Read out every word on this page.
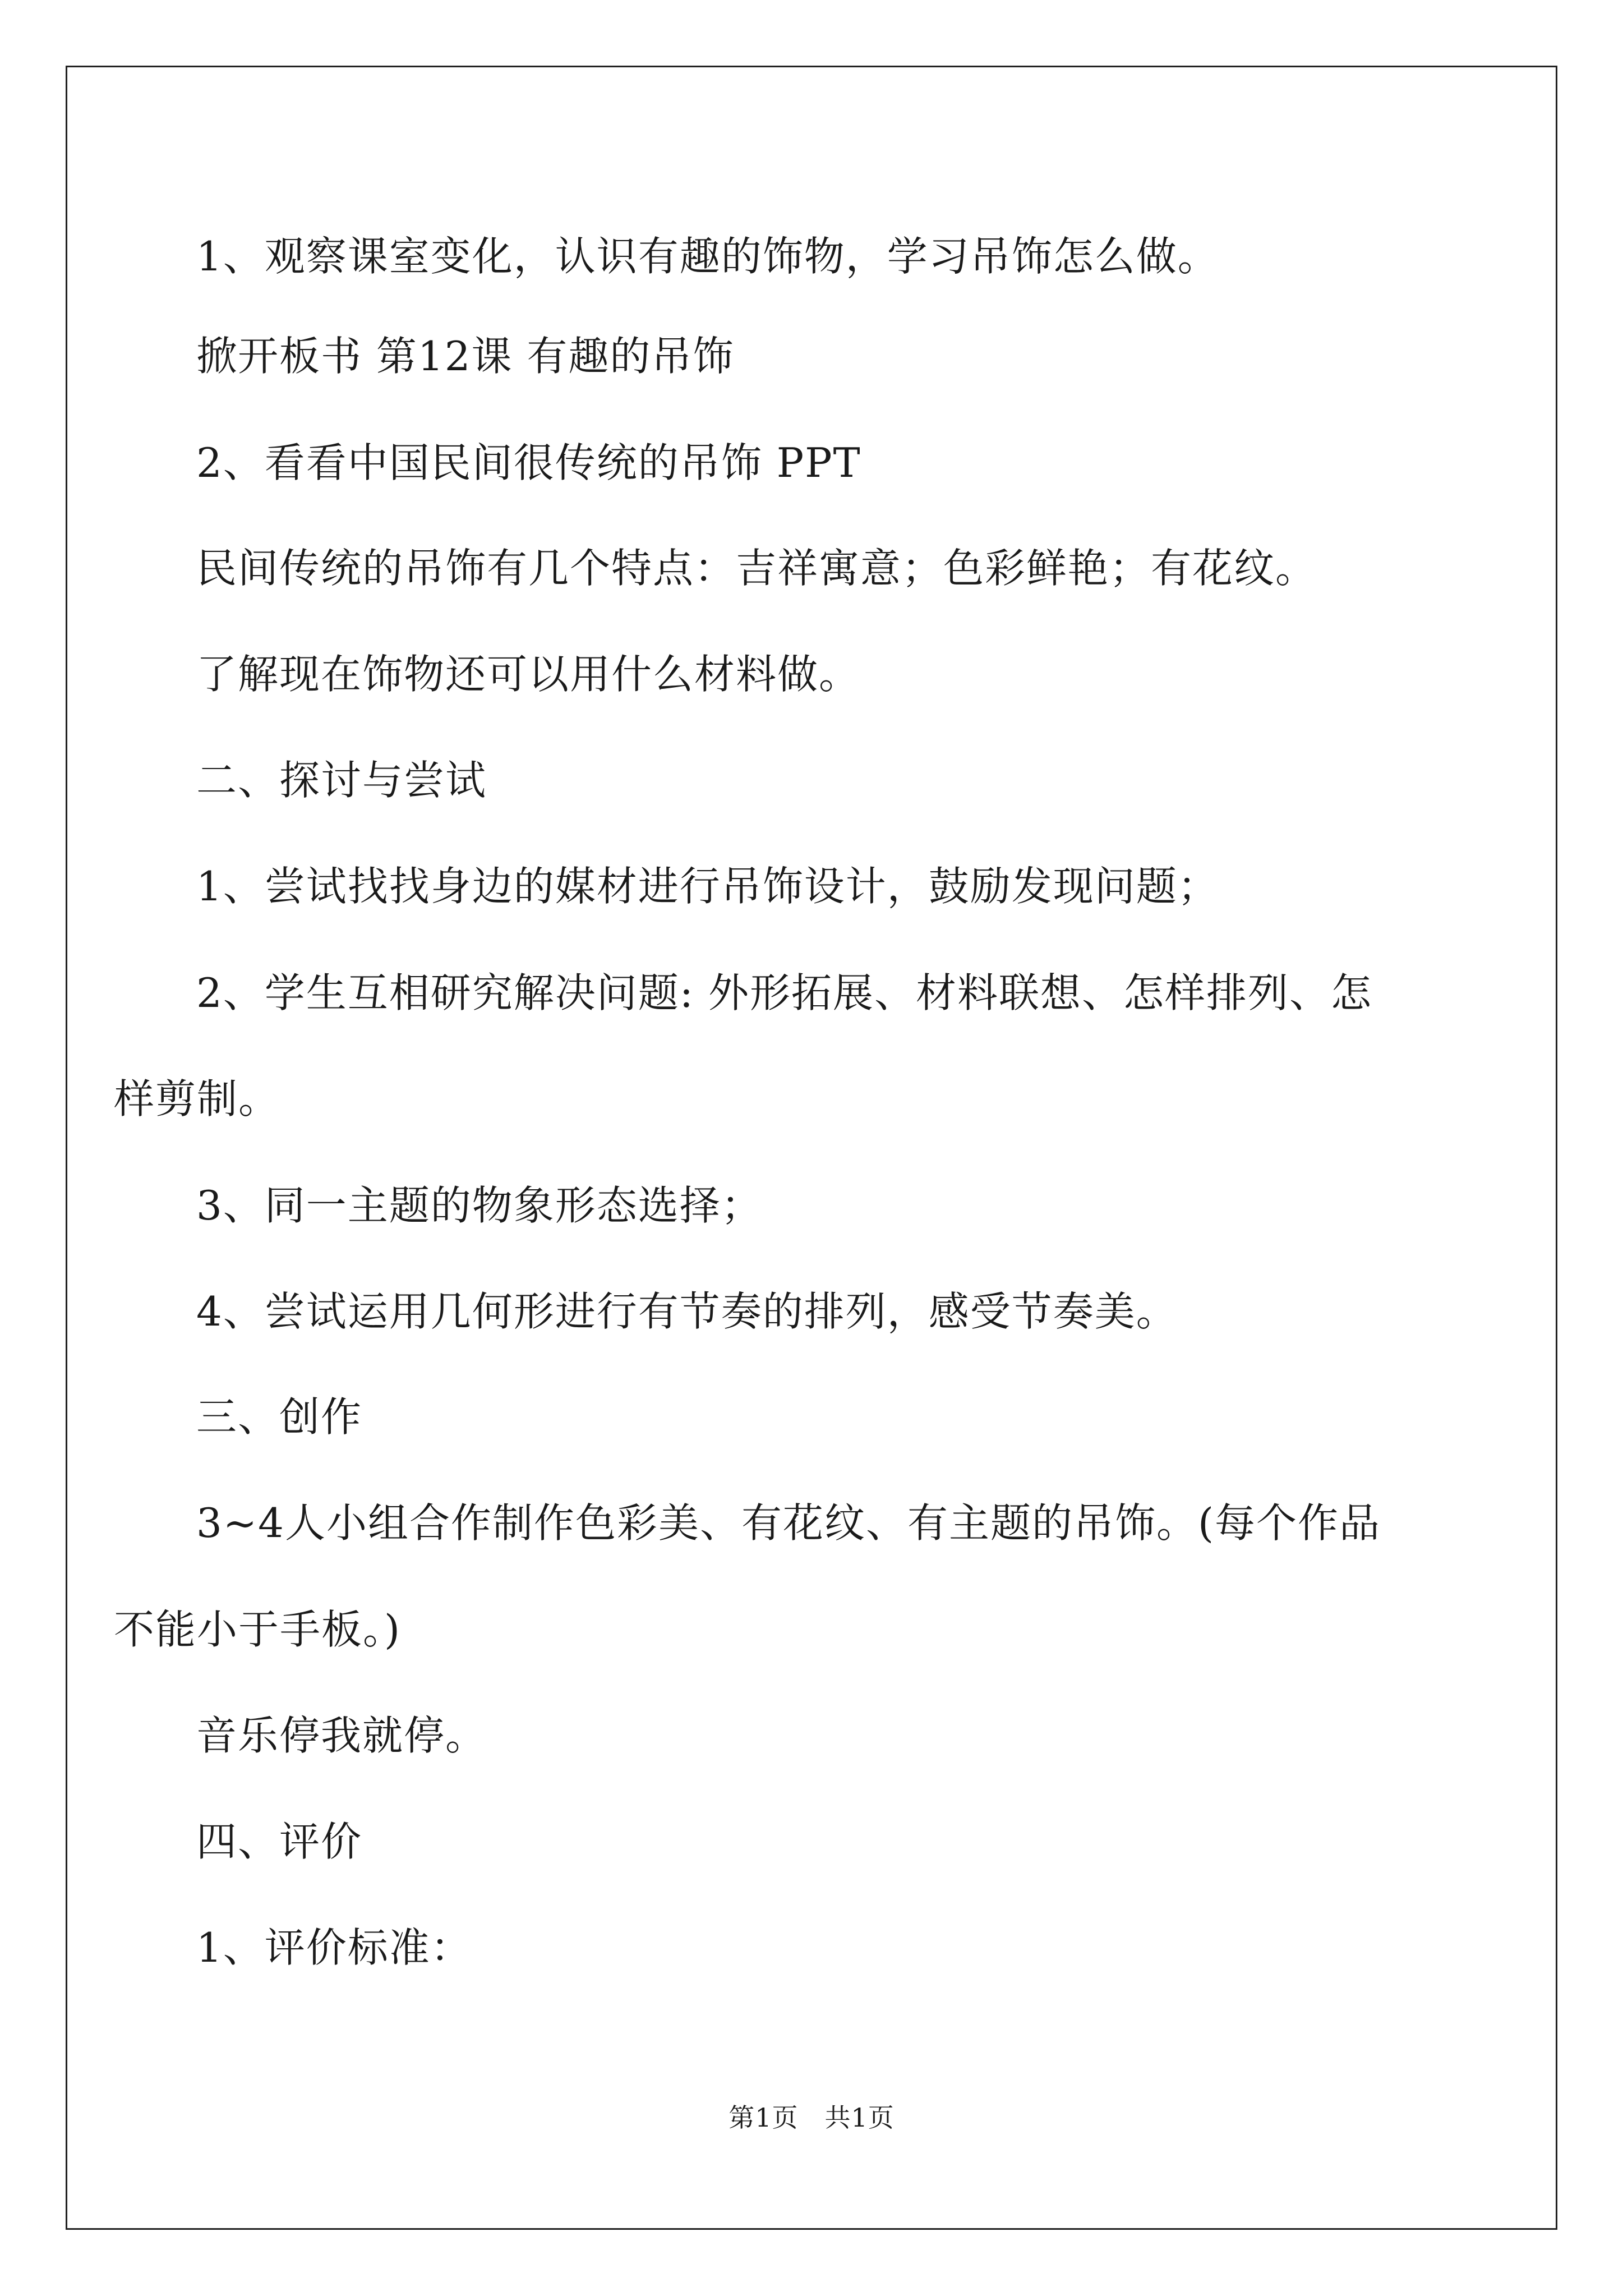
1、观察课室变化，认识有趣的饰物，学习吊饰怎么做。
掀开板书 第12课 有趣的吊饰
2、看看中国民间很传统的吊饰 PPT
民间传统的吊饰有几个特点：吉祥寓意；色彩鲜艳；有花纹。
了解现在饰物还可以用什么材料做。
二、探讨与尝试
1、尝试找找身边的媒材进行吊饰设计，鼓励发现问题；
2、学生互相研究解决问题: 外形拓展、材料联想、怎样排列、怎
样剪制。
3、同一主题的物象形态选择；
4、尝试运用几何形进行有节奏的排列，感受节奏美。
三、创作
3~4人小组合作制作色彩美、有花纹、有主题的吊饰。(每个作品
不能小于手板。)
音乐停我就停。
四、评价
1、评价标准：
第1页　共1页
